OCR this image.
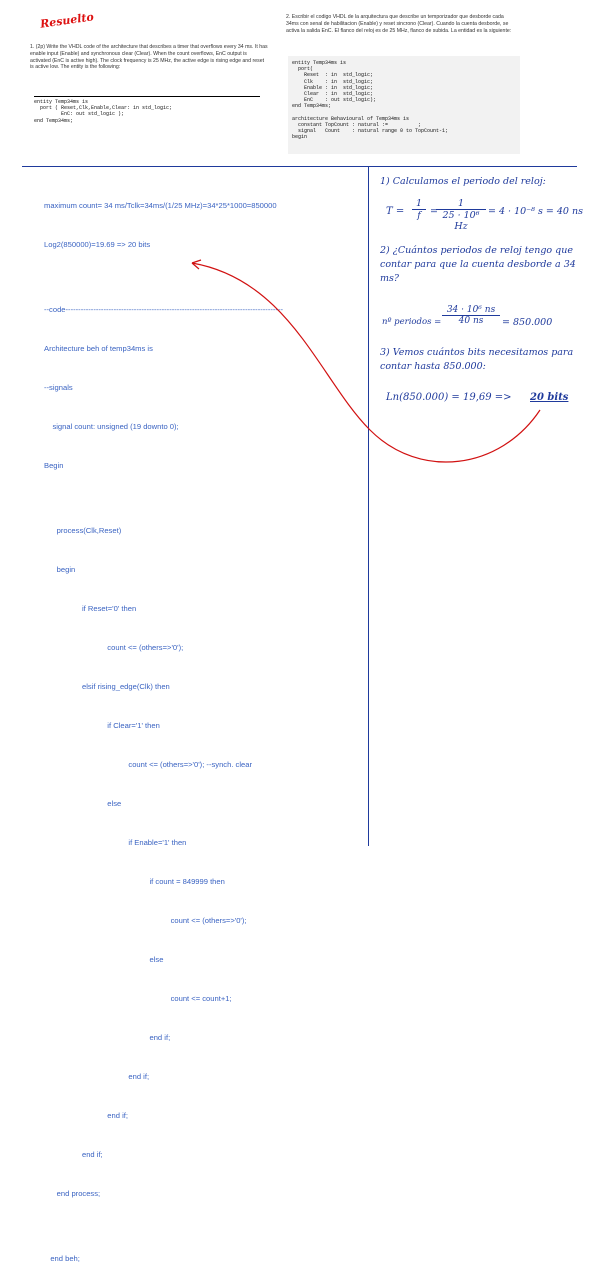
Resuelto
1. (2p) Write the VHDL code of the architecture that describes a timer that overflows every 34 ms. It has enable input (Enable) and synchronous clear (Clear). When the count overflows, EnC output is activated (EnC is active high). The clock frequency is 25 MHz, the active edge is rising edge and reset is active low. The entity is the following:
entity Temp34ms is
port ( Reset,Clk,Enable,Clear: in std_logic;
EnC: out std_logic );
end Temp34ms;
2. Escribir el codigo VHDL de la arquitectura que describe un temporizador que desborde cada 34ms con senal de habilitacion (Enable) y reset sincrono (Clear). Cuando la cuenta desborde, se activa la salida EnC. El flanco del reloj es de 25 MHz, flanco de subida. La entidad es la siguiente:
entity Temp34ms is
port(
Reset  : in  std_logic;
Clk    : in  std_logic;
Enable : in  std_logic;
Clear  : in  std_logic;
EnC    : out std_logic);
end Temp34ms;

architecture Behavioural of Temp34ms is
constant TopCount : natural :=          ;
signal   Count    : natural range 0 to TopCount-1;
begin

maximum count= 34 ms/Tclk=34ms/(1/25 MHz)=34*25*1000=850000

Log2(850000)=19.69 => 20 bits

--code--------------------------------------------------------------------------------------

Architecture beh of temp34ms is

--signals

signal count: unsigned (19 downto 0);

Begin

process(Clk,Reset)

begin

if Reset='0' then

count <= (others=>'0');

elsif rising_edge(Clk) then

if Clear='1' then

count <= (others=>'0'); --synch. clear

else

if Enable='1' then

if count = 849999 then

count <= (others=>'0');

else

count <= count+1;

end if;

end if;

end if;

end if;

end process;

end beh;

1) Calculamos el periodo del reloj:
$T = \frac{1}{f}$ =
$\frac{1}{\text{25 · 10⁶ Hz}} = 4 \cdot 10^{-8}$ s = 40 ns
2) ¿Cuántos periodos de reloj tengo que contar para que la cuenta desborde a 34 ms?
nº periodos = $\frac{\text{34 · 10⁶ ns}}{40 ns} = 850.000$
3) Vemos cuántos bits necesitamos para contar hasta 850.000:
Ln(850.000) = 19,69 => 20 bits
